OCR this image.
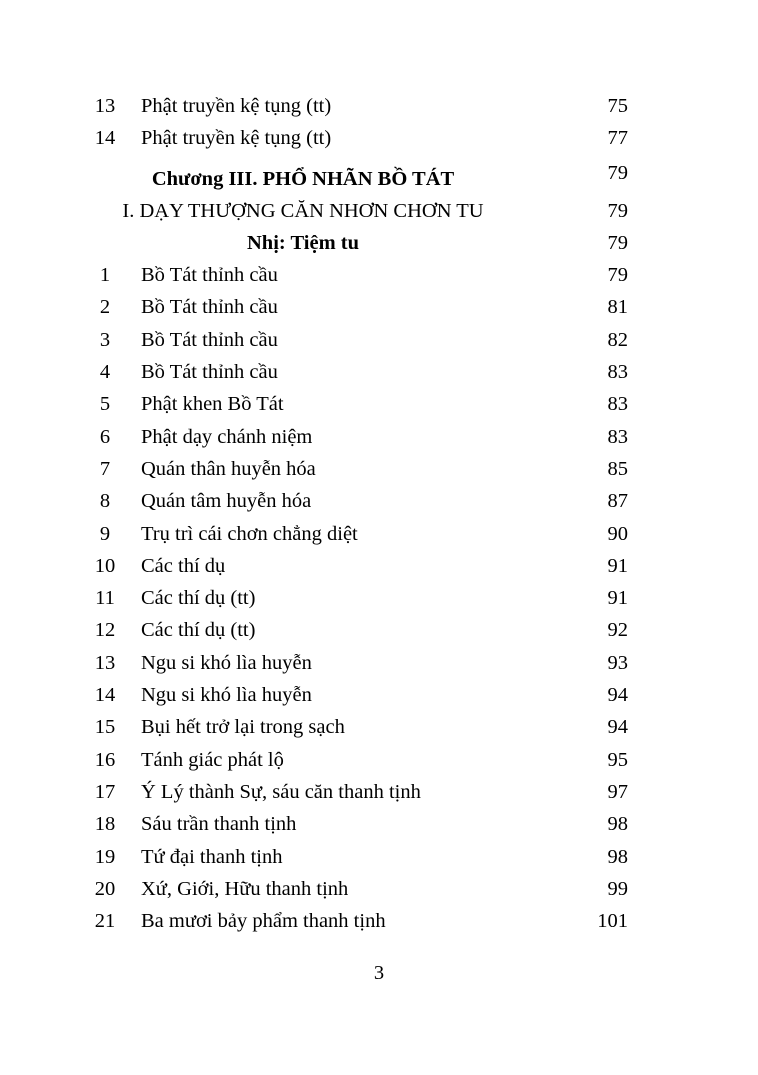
13	Phật truyền kệ tụng (tt)	75
14	Phật truyền kệ tụng (tt)	77
Chương III. PHỔ NHÃN BỒ TÁT	79
I. DẠY THƯỢNG CĂN NHƠN CHƠN TU	79
Nhị: Tiệm tu	79
1	Bồ Tát thỉnh cầu	79
2	Bồ Tát thỉnh cầu	81
3	Bồ Tát thỉnh cầu	82
4	Bồ Tát thỉnh cầu	83
5	Phật khen Bồ Tát	83
6	Phật dạy chánh niệm	83
7	Quán thân huyễn hóa	85
8	Quán tâm huyễn hóa	87
9	Trụ trì cái chơn chẳng diệt	90
10	Các thí dụ	91
11	Các thí dụ (tt)	91
12	Các thí dụ (tt)	92
13	Ngu si khó lìa huyễn	93
14	Ngu si khó lìa huyễn	94
15	Bụi hết trở lại trong sạch	94
16	Tánh giác phát lộ	95
17	Ý Lý thành Sự, sáu căn thanh tịnh	97
18	Sáu trần thanh tịnh	98
19	Tứ đại thanh tịnh	98
20	Xứ, Giới, Hữu thanh tịnh	99
21	Ba mươi bảy phẩm thanh tịnh	101
3
